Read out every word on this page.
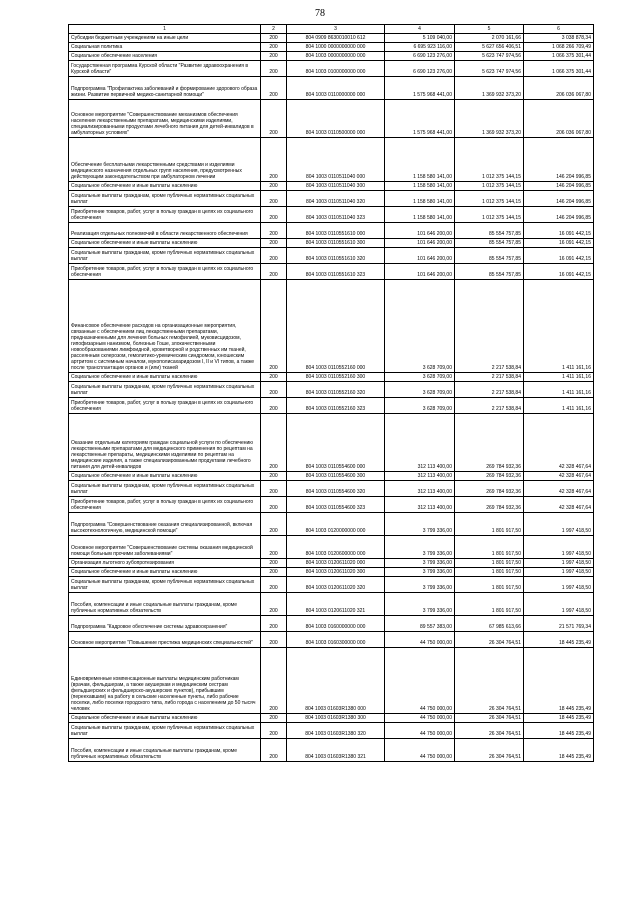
78
1	2	3	4	5	6
Субсидии бюджетным учреждениям на иные цели	200	804 0909 8630010010 612	5 109 040,00	2 070 161,66	3 038 878,34
Социальная политика	200	804 1000 0000000000 000	6 695 923 116,00	5 627 656 406,51	1 068 266 709,49
Социальное обеспечение населения	200	804 1003 0000000000 000	6 690 123 276,00	5 623 747 974,56	1 066 375 301,44
Государственная программа Курской области "Развитие здравоохранения в Курской области"	200	804 1003 0100000000 000	6 690 123 276,00	5 623 747 974,56	1 066 375 301,44
Подпрограмма "Профилактика заболеваний и формирование здорового образа жизни. Развитие первичной медико-санитарной помощи"	200	804 1003 0110000000 000	1 575 968 441,00	1 369 932 373,20	206 036 067,80
Основное мероприятие "Совершенствование механизмов обеспечения населения лекарственными препаратами, медицинскими изделиями, специализированными продуктами лечебного питания для детей-инвалидов в амбулаторных условиях"	200	804 1003 0110500000 000	1 575 968 441,00	1 369 932 373,20	206 036 067,80
Обеспечение бесплатными лекарственными средствами и изделиями медицинского назначения отдельных групп населения, предусмотренных действующим законодательством при амбулаторном лечении	200	804 1003 0110511040 000	1 158 580 141,00	1 012 375 144,15	146 204 996,85
Социальное обеспечение и иные выплаты населению	200	804 1003 0110511040 300	1 158 580 141,00	1 012 375 144,15	146 204 996,85
Социальные выплаты гражданам, кроме публичных нормативных социальных выплат	200	804 1003 0110511040 320	1 158 580 141,00	1 012 375 144,15	146 204 996,85
Приобретение товаров, работ, услуг в пользу граждан в целях их социального обеспечения	200	804 1003 0110511040 323	1 158 580 141,00	1 012 375 144,15	146 204 996,85
Реализация отдельных полномочий в области лекарственного обеспечения	200	804 1003 0110551610 000	101 646 200,00	85 554 757,85	16 091 442,15
Социальное обеспечение и иные выплаты населению	200	804 1003 0110551610 300	101 646 200,00	85 554 757,85	16 091 442,15
Социальные выплаты гражданам, кроме публичных нормативных социальных выплат	200	804 1003 0110551610 320	101 646 200,00	85 554 757,85	16 091 442,15
Приобретение товаров, работ, услуг в пользу граждан в целях их социального обеспечения	200	804 1003 0110551610 323	101 646 200,00	85 554 757,85	16 091 442,15
Финансовое обеспечение расходов на организационные мероприятия, связанные с обеспечением лиц лекарственными препаратами, предназначенными для лечения больных гемофилией, муковисцидозом, гипофизарным нанизмом, болезнью Гоше, злокачественными новообразованиями лимфоидной, кроветворной и родственных им тканей, рассеянным склерозом, гемолитико-уремическим синдромом, юношеским артритом с системным началом, мукополисахаридозом I, II и VI типов, а также после трансплантации органов и (или) тканей	200	804 1003 0110552160 000	3 628 709,00	2 217 538,84	1 411 161,16
Социальное обеспечение и иные выплаты населению	200	804 1003 0110552160 300	3 628 709,00	2 217 538,84	1 411 161,16
Социальные выплаты гражданам, кроме публичных нормативных социальных выплат	200	804 1003 0110552160 320	3 628 709,00	2 217 538,84	1 411 161,16
Приобретение товаров, работ, услуг в пользу граждан в целях их социального обеспечения	200	804 1003 0110552160 323	3 628 709,00	2 217 538,84	1 411 161,16
Оказание отдельным категориям граждан социальной услуги по обеспечению лекарственными препаратами для медицинского применения по рецептам на лекарственные препараты, медицинскими изделиями по рецептам на медицинские изделия, а также специализированными продуктами лечебного питания для детей-инвалидов	200	804 1003 0110554600 000	312 113 400,00	269 784 932,36	42 328 467,64
Социальное обеспечение и иные выплаты населению	200	804 1003 0110554600 300	312 113 400,00	269 784 932,36	42 328 467,64
Социальные выплаты гражданам, кроме публичных нормативных социальных выплат	200	804 1003 0110554600 320	312 113 400,00	269 784 932,36	42 328 467,64
Приобретение товаров, работ, услуг в пользу граждан в целях их социального обеспечения	200	804 1003 0110554600 323	312 113 400,00	269 784 932,36	42 328 467,64
Подпрограмма "Совершенствование оказания специализированной, включая высокотехнологичную, медицинской помощи"	200	804 1003 0120000000 000	3 799 336,00	1 801 917,50	1 997 418,50
Основное мероприятие "Совершенствование системы оказания медицинской помощи больным прочими заболеваниями"	200	804 1003 0120600000 000	3 799 336,00	1 801 917,50	1 997 418,50
Организация льготного зубопротезирования	200	804 1003 0120611020 000	3 799 336,00	1 801 917,50	1 997 418,50
Социальное обеспечение и иные выплаты населению	200	804 1003 0120611020 300	3 799 336,00	1 801 917,50	1 997 418,50
Социальные выплаты гражданам, кроме публичных нормативных социальных выплат	200	804 1003 0120611020 320	3 799 336,00	1 801 917,50	1 997 418,50
Пособия, компенсации и иные социальные выплаты гражданам, кроме публичных нормативных обязательств	200	804 1003 0120611020 321	3 799 336,00	1 801 917,50	1 997 418,50
Подпрограмма "Кадровое обеспечение системы здравоохранения"	200	804 1003 0160000000 000	89 557 383,00	67 985 613,66	21 571 769,34
Основное мероприятие "Повышение престижа медицинских специальностей"	200	804 1003 0160300000 000	44 750 000,00	26 304 764,51	18 445 235,49
Единовременные компенсационные выплаты медицинским работникам (врачам, фельдшерам, а также акушеркам и медицинским сестрам фельдшерских и фельдшерско-акушерских пунктов), прибывшим (переехавшим) на работу в сельские населенные пункты, либо рабочие поселки, либо поселки городского типа, либо города с населением до 50 тысяч человек	200	804 1003 01603R1380 000	44 750 000,00	26 304 764,51	18 445 235,49
Социальное обеспечение и иные выплаты населению	200	804 1003 01603R1380 300	44 750 000,00	26 304 764,51	18 445 235,49
Социальные выплаты гражданам, кроме публичных нормативных социальных выплат	200	804 1003 01603R1380 320	44 750 000,00	26 304 764,51	18 445 235,49
Пособия, компенсации и иные социальные выплаты гражданам, кроме публичных нормативных обязательств	200	804 1003 01603R1380 321	44 750 000,00	26 304 764,51	18 445 235,49
